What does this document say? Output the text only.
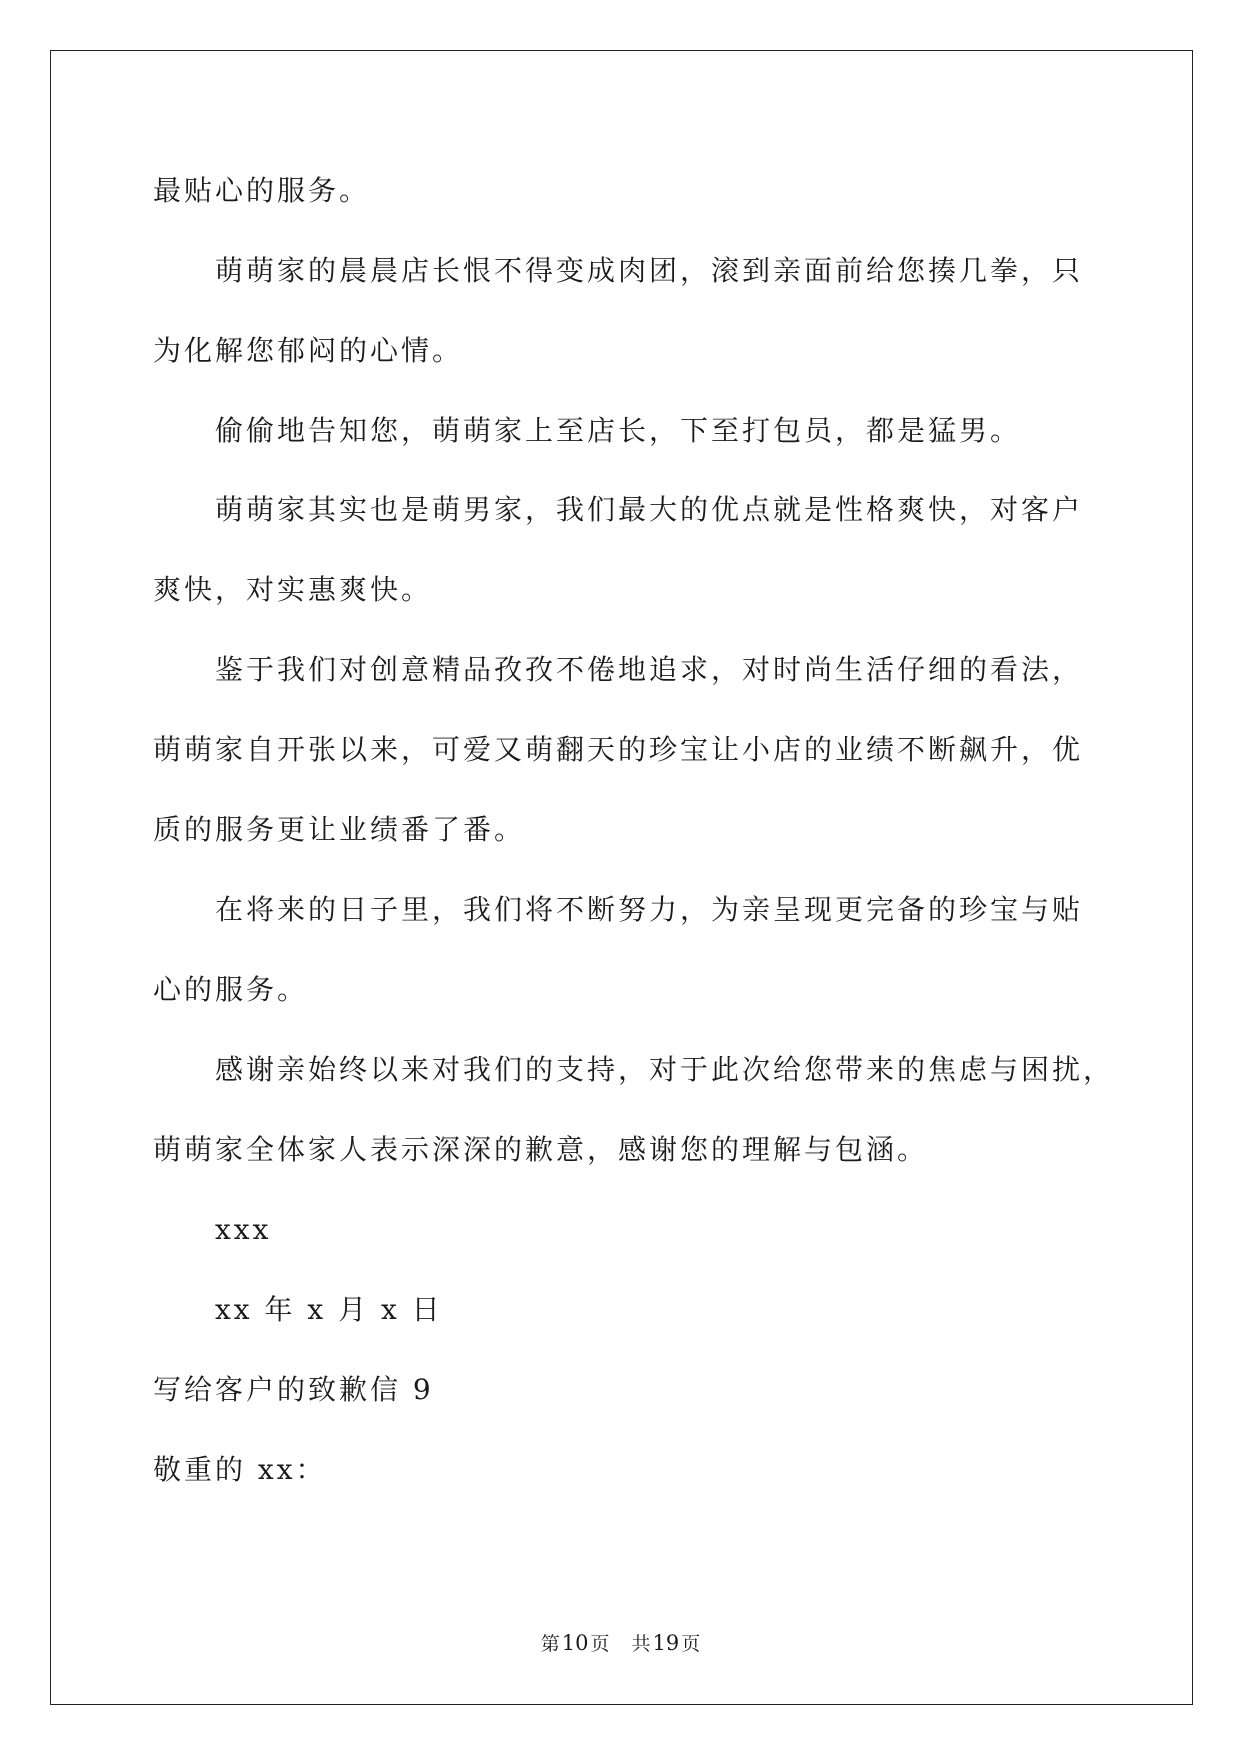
最贴心的服务。
萌萌家的晨晨店长恨不得变成肉团，滚到亲面前给您揍几拳，只
为化解您郁闷的心情。
偷偷地告知您，萌萌家上至店长，下至打包员，都是猛男。
萌萌家其实也是萌男家，我们最大的优点就是性格爽快，对客户
爽快，对实惠爽快。
鉴于我们对创意精品孜孜不倦地追求，对时尚生活仔细的看法，
萌萌家自开张以来，可爱又萌翻天的珍宝让小店的业绩不断飙升，优
质的服务更让业绩番了番。
在将来的日子里，我们将不断努力，为亲呈现更完备的珍宝与贴
心的服务。
感谢亲始终以来对我们的支持，对于此次给您带来的焦虑与困扰，
萌萌家全体家人表示深深的歉意，感谢您的理解与包涵。
xxx
xx 年 x 月 x 日
写给客户的致歉信 9
敬重的 xx：
第10 页 共19 页
